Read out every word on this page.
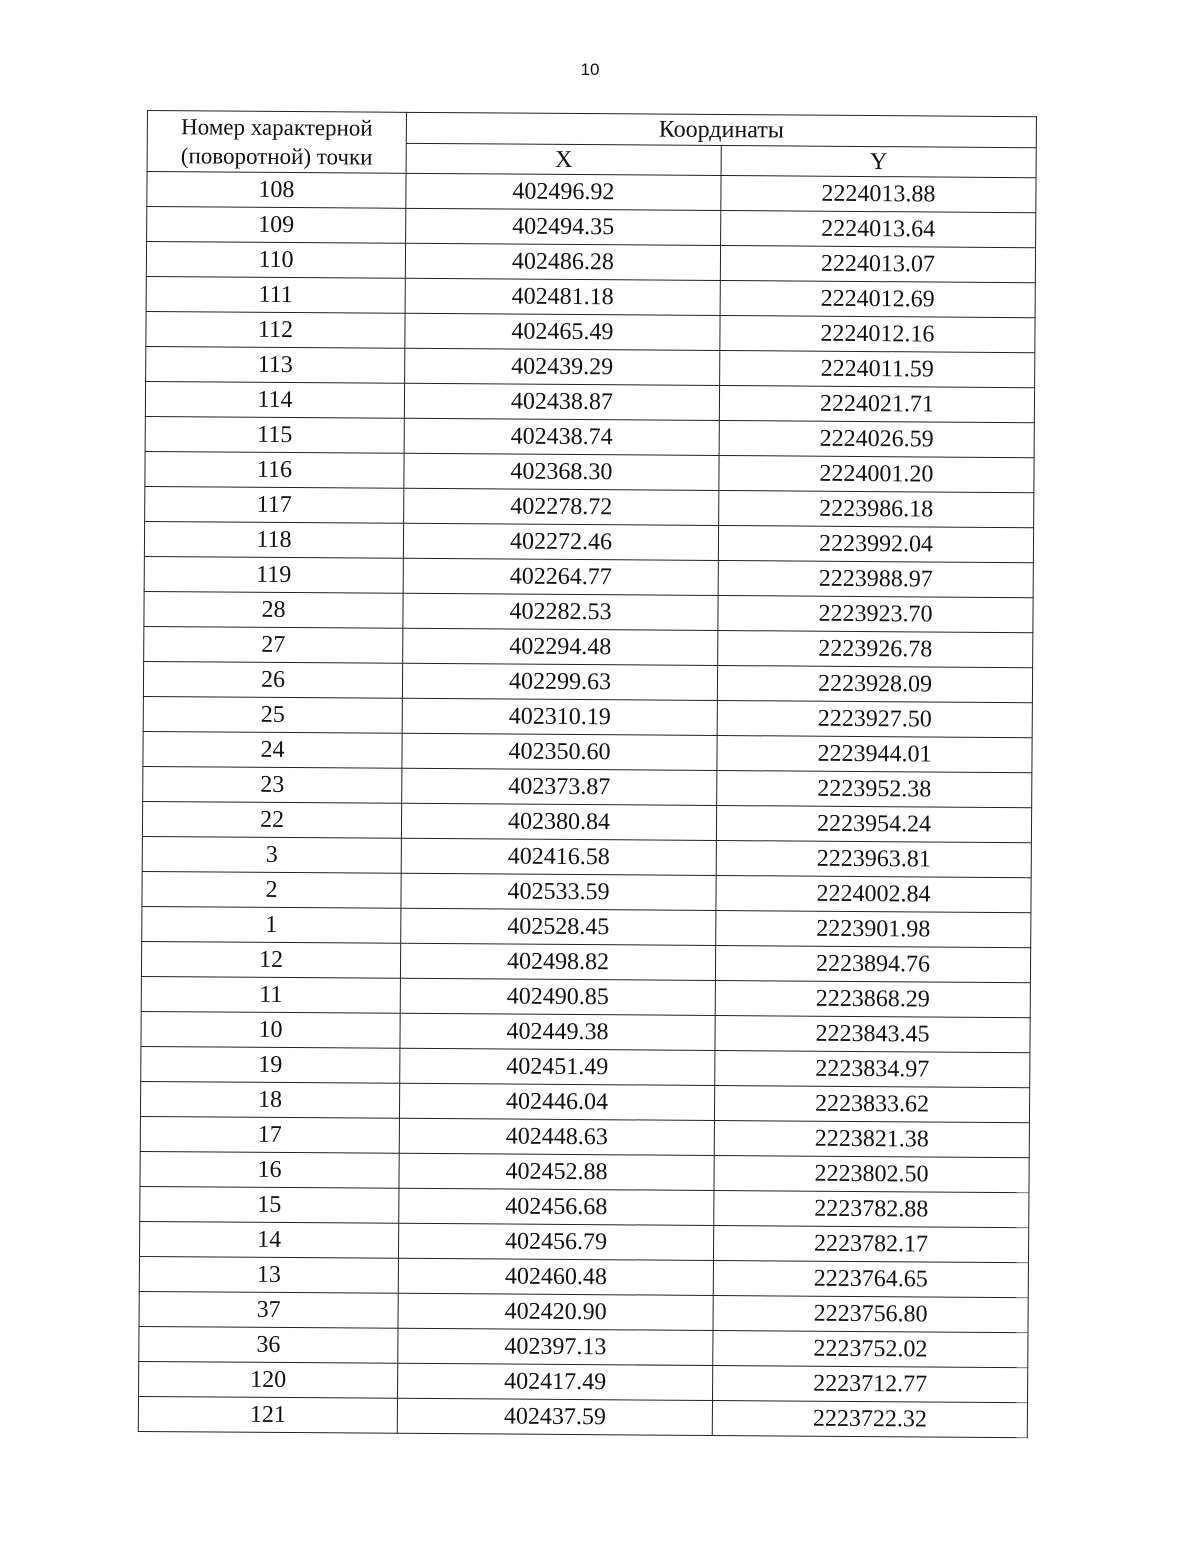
10
Номер характерной
(поворотной) точки	Координаты	
	X	Y
108	402496.92	2224013.88
109	402494.35	2224013.64
110	402486.28	2224013.07
111	402481.18	2224012.69
112	402465.49	2224012.16
113	402439.29	2224011.59
114	402438.87	2224021.71
115	402438.74	2224026.59
116	402368.30	2224001.20
117	402278.72	2223986.18
118	402272.46	2223992.04
119	402264.77	2223988.97
28	402282.53	2223923.70
27	402294.48	2223926.78
26	402299.63	2223928.09
25	402310.19	2223927.50
24	402350.60	2223944.01
23	402373.87	2223952.38
22	402380.84	2223954.24
3	402416.58	2223963.81
2	402533.59	2224002.84
1	402528.45	2223901.98
12	402498.82	2223894.76
11	402490.85	2223868.29
10	402449.38	2223843.45
19	402451.49	2223834.97
18	402446.04	2223833.62
17	402448.63	2223821.38
16	402452.88	2223802.50
15	402456.68	2223782.88
14	402456.79	2223782.17
13	402460.48	2223764.65
37	402420.90	2223756.80
36	402397.13	2223752.02
120	402417.49	2223712.77
121	402437.59	2223722.32
